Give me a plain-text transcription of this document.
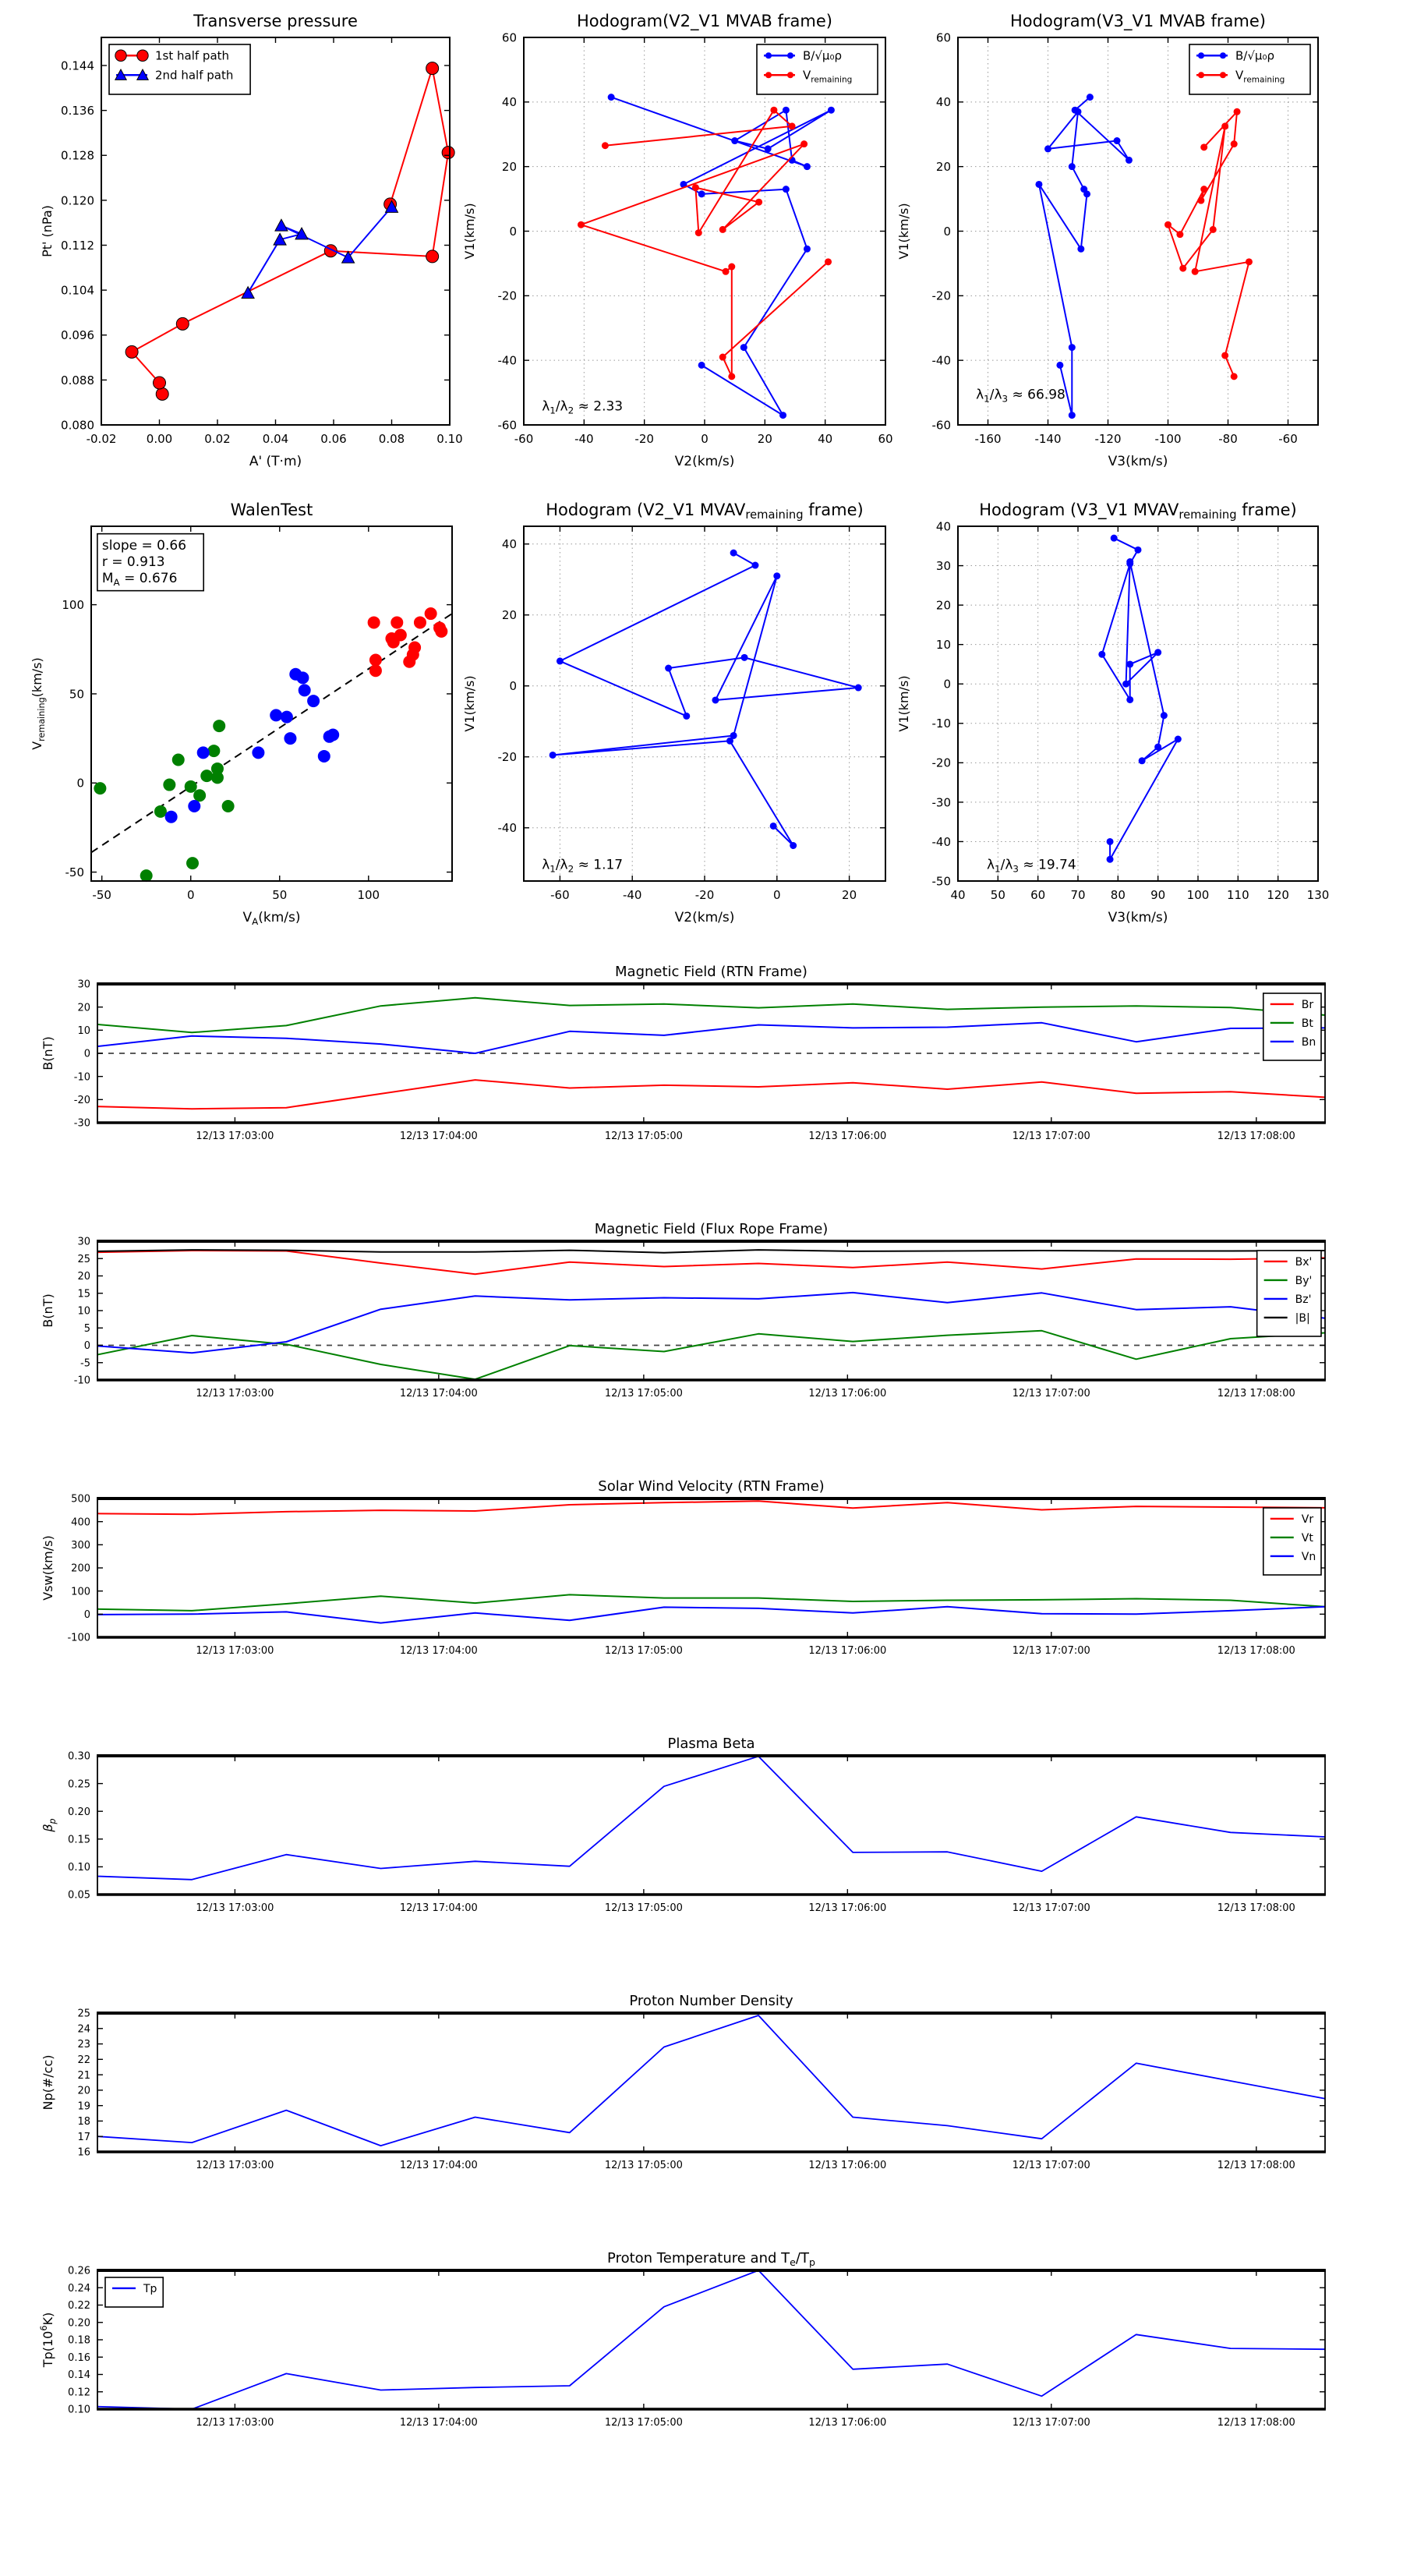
-0.02	0.00	0.02	0.04	0.06	0.08	0.10
0.080
0.088
0.096
0.104
0.112
0.120
0.128
0.136
0.144
Transverse pressure
A' (T·m)
Pt' (nPa)
1st half path
2nd half path
-60	-40	-20	0	20	40	60
-60
-40
-20
0
20
40
60
Hodogram(V2_V1 MVAB frame)
V2(km/s)
V1(km/s)
$\lambda_1/\lambda_2 \approx 2.33$
B/√μ₀ρ
$V_{remaining}$
-160	-140	-120	-100	-80	-60
-60
-40
-20
0
20
40
60
Hodogram(V3_V1 MVAB frame)
V3(km/s)
V1(km/s)
$\lambda_1/\lambda_3 \approx 66.98$
B/√μ₀ρ
$V_{remaining}$
-50	0	50	100
-50
0
50
100
WalenTest
$V_A(km/s)$
$V_{remaining}(km/s)$
slope = 0.66
r = 0.913
$M_A = 0.676$
-60	-40	-20	0	20
-40
-20
0
20
40
Hodogram (V2_V1 MVAVremaining frame)
V2(km/s)
V1(km/s)
$\lambda_1/\lambda_2 \approx 1.17$
40 50 60 70 80 90 100 110 120 130
-50
-40
-30
-20
-10
0
10
20
30
40
Hodogram (V3_V1 MVAVremaining frame)
V3(km/s)
V1(km/s)
$\lambda_1/\lambda_3 \approx 19.74$
12/13 17:03:00	12/13 17:04:00	12/13 17:05:00	12/13 17:06:00	12/13 17:07:00	12/13 17:08:00
-30
-20
-10
0
10
20
30
Magnetic Field (RTN Frame)
B(nT)
Br
Bt
Bn
12/13 17:03:00	12/13 17:04:00	12/13 17:05:00	12/13 17:06:00	12/13 17:07:00	12/13 17:08:00
-10
-5
0
5
10
15
20
25
30
Magnetic Field (Flux Rope Frame)
B(nT)
Bx'
By'
Bz'
|B|
12/13 17:03:00	12/13 17:04:00	12/13 17:05:00	12/13 17:06:00	12/13 17:07:00	12/13 17:08:00
-100
0
100
200
300
400
500
Solar Wind Velocity (RTN Frame)
Vsw(km/s)
Vr
Vt
Vn
12/13 17:03:00	12/13 17:04:00	12/13 17:05:00	12/13 17:06:00	12/13 17:07:00	12/13 17:08:00
0.05
0.10
0.15
0.20
0.25
0.30
Plasma Beta
$\beta_p$
12/13 17:03:00	12/13 17:04:00	12/13 17:05:00	12/13 17:06:00	12/13 17:07:00	12/13 17:08:00
16
17
18
19
20
21
22
23
24
25
Proton Number Density
Np(#/cc)
12/13 17:03:00	12/13 17:04:00	12/13 17:05:00	12/13 17:06:00	12/13 17:07:00	12/13 17:08:00
0.10
0.12
0.14
0.16
0.18
0.20
0.22
0.24
0.26
Proton Temperature and $T_e/T_p$
$Tp(10^6K)$
Tp
